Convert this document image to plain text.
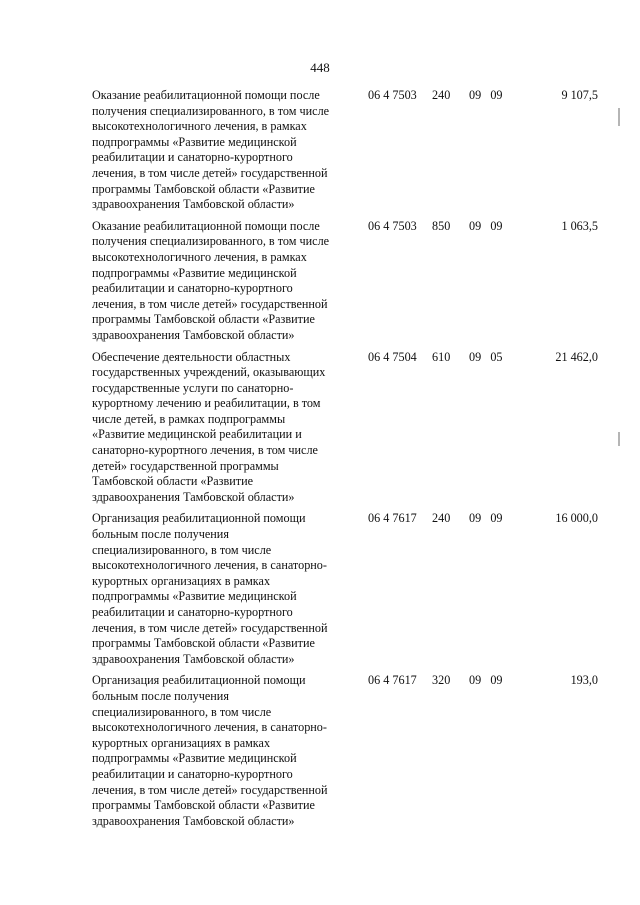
448
Оказание реабилитационной помощи после
получения специализированного, в том числе
высокотехнологичного лечения, в рамках
подпрограммы «Развитие медицинской
реабилитации и санаторно-курортного
лечения, в том числе детей» государственной
программы Тамбовской области «Развитие
здравоохранения Тамбовской области»
06 4 7503 240 09 09	9 107,5
Оказание реабилитационной помощи после
получения специализированного, в том числе
высокотехнологичного лечения, в рамках
подпрограммы «Развитие медицинской
реабилитации и санаторно-курортного
лечения, в том числе детей» государственной
программы Тамбовской области «Развитие
здравоохранения Тамбовской области»
06 4 7503 850 09 09	1 063,5
Обеспечение деятельности областных
государственных учреждений, оказывающих
государственные услуги по санаторно-
курортному лечению и реабилитации, в том
числе детей, в рамках подпрограммы
«Развитие медицинской реабилитации и
санаторно-курортного лечения, в том числе
детей» государственной программы
Тамбовской области «Развитие
здравоохранения Тамбовской области»
06 4 7504 610 09 05	21 462,0
Организация реабилитационной помощи
больным после получения
специализированного, в том числе
высокотехнологичного лечения, в санаторно-
курортных организациях в рамках
подпрограммы «Развитие медицинской
реабилитации и санаторно-курортного
лечения, в том числе детей» государственной
программы Тамбовской области «Развитие
здравоохранения Тамбовской области»
06 4 7617 240 09 09	16 000,0
Организация реабилитационной помощи
больным после получения
специализированного, в том числе
высокотехнологичного лечения, в санаторно-
курортных организациях в рамках
подпрограммы «Развитие медицинской
реабилитации и санаторно-курортного
лечения, в том числе детей» государственной
программы Тамбовской области «Развитие
здравоохранения Тамбовской области»
06 4 7617 320 09 09	193,0
